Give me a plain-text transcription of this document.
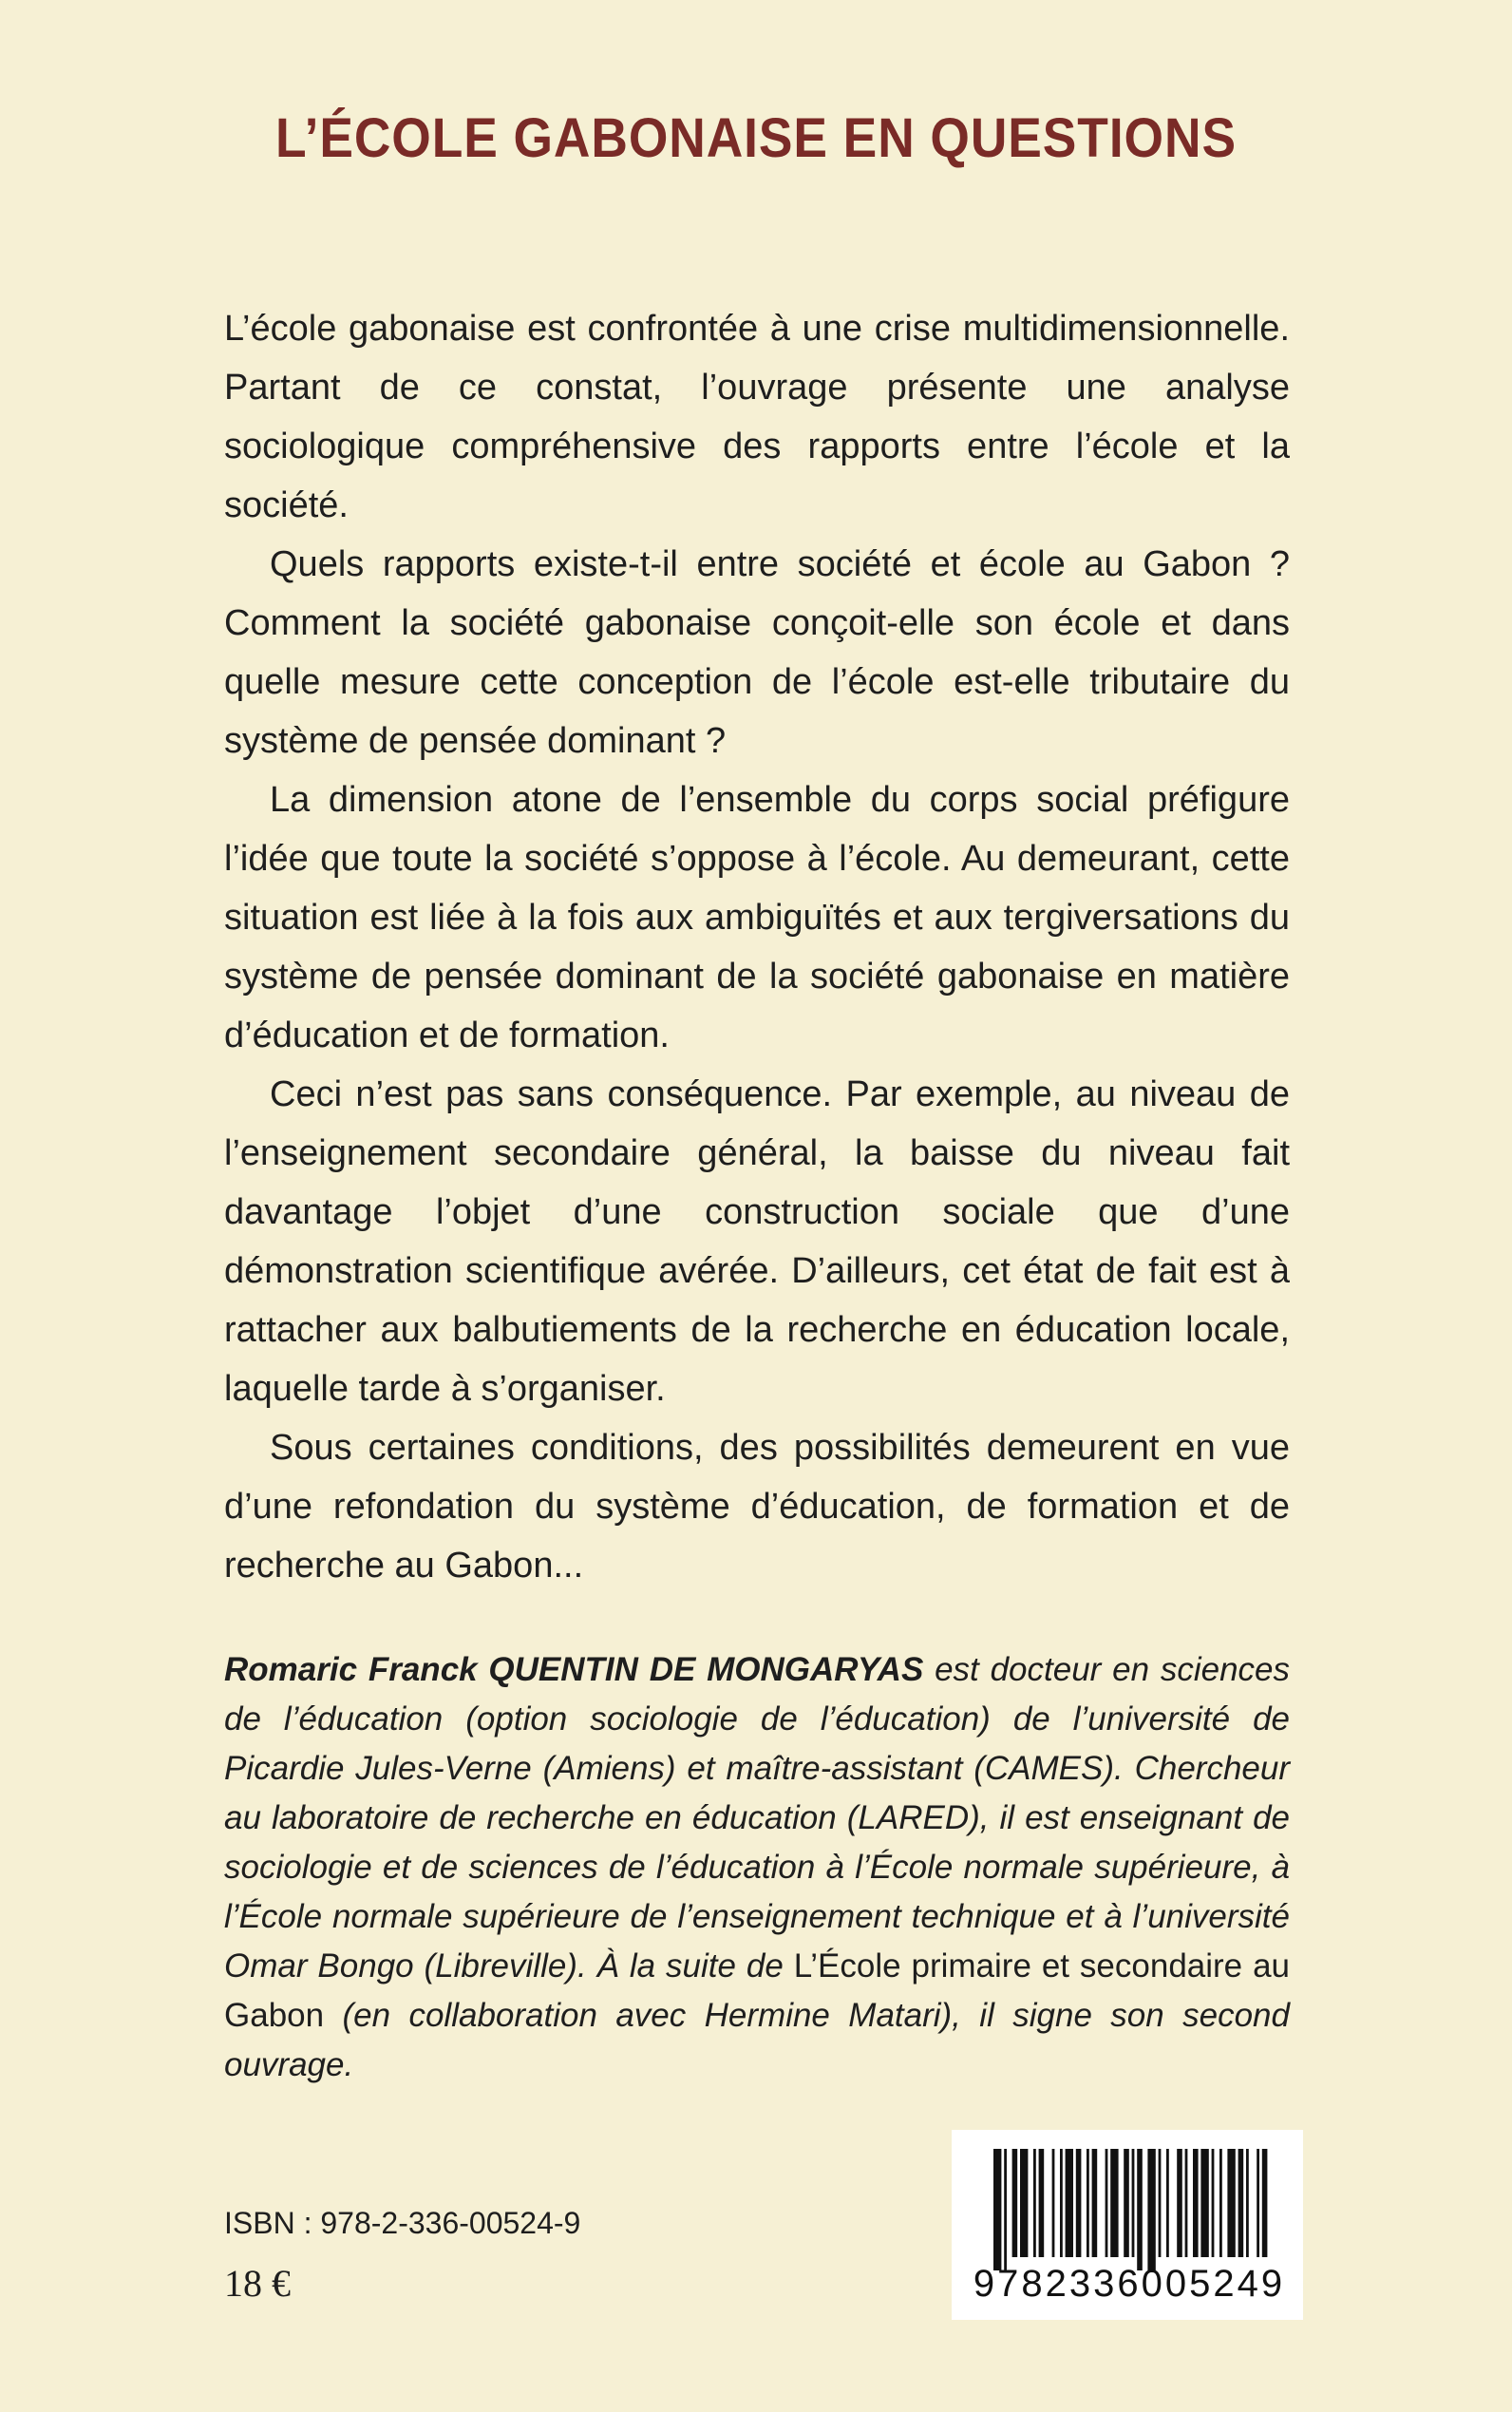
L’ÉCOLE GABONAISE EN QUESTIONS

L’école gabonaise est confrontée à une crise multidimensionnelle. Partant de ce constat, l’ouvrage présente une analyse sociologique compréhensive des rapports entre l’école et la société.

Quels rapports existe-t-il entre société et école au Gabon ? Comment la société gabonaise conçoit-elle son école et dans quelle mesure cette conception de l’école est-elle tributaire du système de pensée dominant ?

La dimension atone de l’ensemble du corps social préfigure l’idée que toute la société s’oppose à l’école. Au demeurant, cette situation est liée à la fois aux ambiguïtés et aux tergiversations du système de pensée dominant de la société gabonaise en matière d’éducation et de formation.

Ceci n’est pas sans conséquence. Par exemple, au niveau de l’enseignement secondaire général, la baisse du niveau fait davantage l’objet d’une construction sociale que d’une démonstration scientifique avérée. D’ailleurs, cet état de fait est à rattacher aux balbutiements de la recherche en éducation locale, laquelle tarde à s’organiser.

Sous certaines conditions, des possibilités demeurent en vue d’une refondation du système d’éducation, de formation et de recherche au Gabon...

Romaric Franck QUENTIN DE MONGARYAS est docteur en sciences de l’éducation (option sociologie de l’éducation) de l’université de Picardie Jules-Verne (Amiens) et maître-assistant (CAMES). Chercheur au laboratoire de recherche en éducation (LARED), il est enseignant de sociologie et de sciences de l’éducation à l’École normale supérieure, à l’École normale supérieure de l’enseignement technique et à l’université Omar Bongo (Libreville). À la suite de L’École primaire et secondaire au Gabon (en collaboration avec Hermine Matari), il signe son second ouvrage.

ISBN : 978-2-336-00524-9
18 €	9782336005249
